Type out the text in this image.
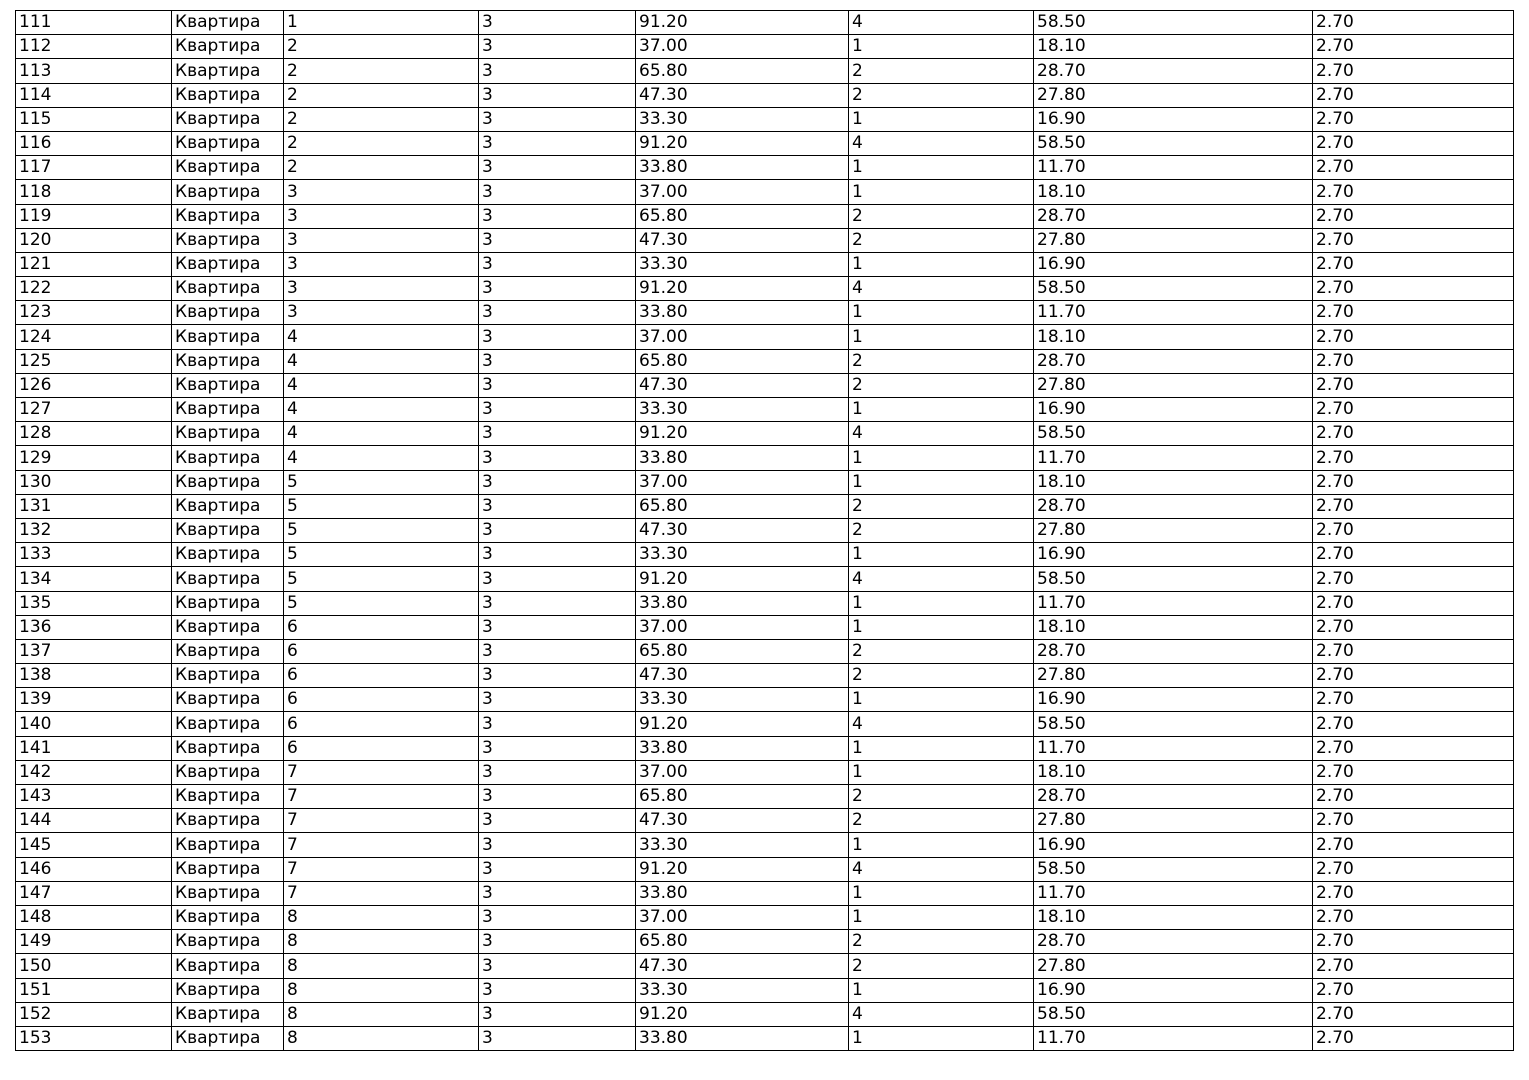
111	Квартира	1	3	91.20	4	58.50	2.70
112	Квартира	2	3	37.00	1	18.10	2.70
113	Квартира	2	3	65.80	2	28.70	2.70
114	Квартира	2	3	47.30	2	27.80	2.70
115	Квартира	2	3	33.30	1	16.90	2.70
116	Квартира	2	3	91.20	4	58.50	2.70
117	Квартира	2	3	33.80	1	11.70	2.70
118	Квартира	3	3	37.00	1	18.10	2.70
119	Квартира	3	3	65.80	2	28.70	2.70
120	Квартира	3	3	47.30	2	27.80	2.70
121	Квартира	3	3	33.30	1	16.90	2.70
122	Квартира	3	3	91.20	4	58.50	2.70
123	Квартира	3	3	33.80	1	11.70	2.70
124	Квартира	4	3	37.00	1	18.10	2.70
125	Квартира	4	3	65.80	2	28.70	2.70
126	Квартира	4	3	47.30	2	27.80	2.70
127	Квартира	4	3	33.30	1	16.90	2.70
128	Квартира	4	3	91.20	4	58.50	2.70
129	Квартира	4	3	33.80	1	11.70	2.70
130	Квартира	5	3	37.00	1	18.10	2.70
131	Квартира	5	3	65.80	2	28.70	2.70
132	Квартира	5	3	47.30	2	27.80	2.70
133	Квартира	5	3	33.30	1	16.90	2.70
134	Квартира	5	3	91.20	4	58.50	2.70
135	Квартира	5	3	33.80	1	11.70	2.70
136	Квартира	6	3	37.00	1	18.10	2.70
137	Квартира	6	3	65.80	2	28.70	2.70
138	Квартира	6	3	47.30	2	27.80	2.70
139	Квартира	6	3	33.30	1	16.90	2.70
140	Квартира	6	3	91.20	4	58.50	2.70
141	Квартира	6	3	33.80	1	11.70	2.70
142	Квартира	7	3	37.00	1	18.10	2.70
143	Квартира	7	3	65.80	2	28.70	2.70
144	Квартира	7	3	47.30	2	27.80	2.70
145	Квартира	7	3	33.30	1	16.90	2.70
146	Квартира	7	3	91.20	4	58.50	2.70
147	Квартира	7	3	33.80	1	11.70	2.70
148	Квартира	8	3	37.00	1	18.10	2.70
149	Квартира	8	3	65.80	2	28.70	2.70
150	Квартира	8	3	47.30	2	27.80	2.70
151	Квартира	8	3	33.30	1	16.90	2.70
152	Квартира	8	3	91.20	4	58.50	2.70
153	Квартира	8	3	33.80	1	11.70	2.70
